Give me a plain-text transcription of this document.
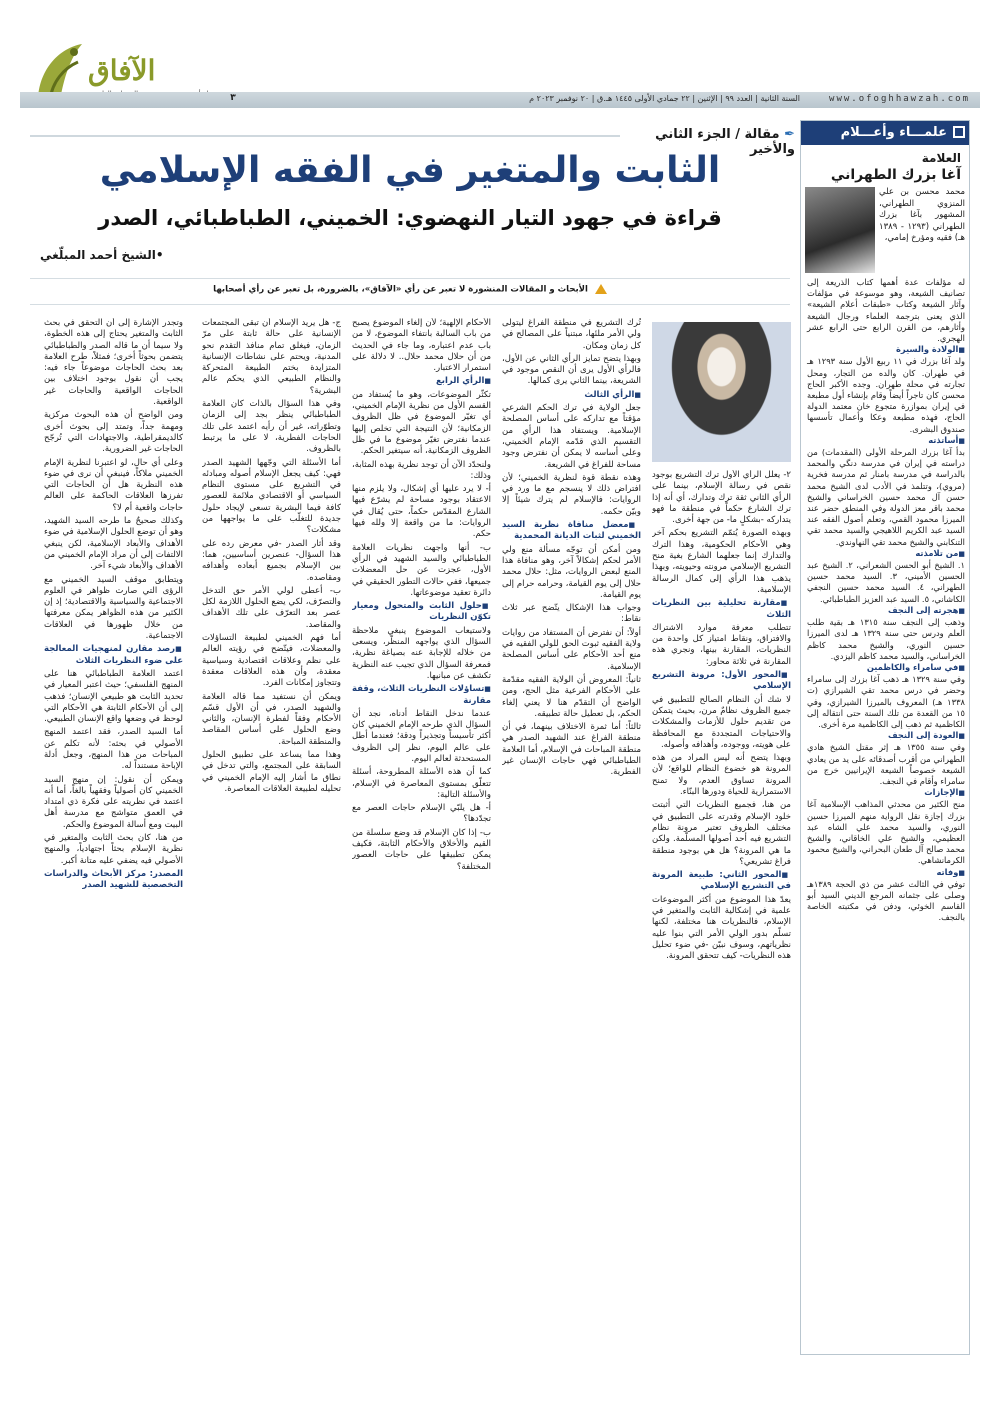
الآفاق
٣	السنة الثانية | العدد ٩٩ | الإثنين | ٢٢ جمادي الأولى ١٤٤٥ هـ.ق | ٢٠ نوفمبر ٢٠٢٣ م	www.ofoghhawzah.com
علمـــاء وأعـــلام
العلامة
آغا بزرك الطهراني
محمد محسن بن علي المنزوي الطهراني، المشهور بآغا بزرك الطهراني (١٢٩٣ - ١٣٨٩ هـ) فقيه ومؤرخ إمامي،

له مؤلفات عدة أهمها كتاب الذريعة إلى تصانيف الشيعة، وهو موسوعة في مؤلفات وآثار الشيعة وكتاب «طبقات أعلام الشيعة» الذي يعنى بترجمة العلماء ورجال الشيعة وأثارهم، من القرن الرابع حتى الرابع عشر الهجري.

■ الولادة والسيرة

ولد آغا بزرك في ١١ ربيع الأول سنة ١٢٩٣ هـ في طهران. كان والده من التجار، ومحل تجارته في محلة طهران. وجده الأكبر الحاج محسن كان تاجراً أيضاً وقام بإنشاء أول مطبعة في إيران بموازرة متجوع خان معتمد الدولة الحاج، فهذه مطبعة وعكا وأعمال تأسسها صندوق البشرى.

■ أساتذته

بدأ آغا بزرك المرحلة الأولى (المقدمات) من دراسته في إيران في مدرسة دنگي والمحمد بالدراسة في مدرسة بامنار ثم مدرسة فخرية (مروي)، وتتلمذ في الأدب لدى الشيخ محمد حسن آل محمد حسين الخراساني والشيخ محمد باقر معز الدولة وفي المنطق حضر عند الميرزا محمود القمي، وتعلم أصول الفقه عند السيد عبد الكريم اللاهيجي والسيد محمد تقي التنكابني والشيخ محمد تقي النهاوندي.

■ من تلامذته

١. الشيخ أبو الحسن الشعراني، ٢. الشيخ عبد الحسين الأميني، ٣. السيد محمد حسين الطهراني، ٤. السيد محمد حسين النجفي الكاشاني، ٥. السيد عبد العزيز الطباطبائي.

■ هجرته إلى النجف

وذهب إلى النجف سنة ١٣١٥ هـ بقية طلب العلم ودرس حتى سنة ١٣٢٩ هـ لدى الميرزا حسين النوري، والشيخ محمد كاظم الخراساني، والسيد محمد كاظم اليزدي.

■ في سامراء والكاظمين

وفي سنة ١٣٢٩ هـ ذهب آغا بزرك إلى سامراء وحضر في درس محمد تقي الشيرازي (ت ١٣٣٨ هـ) المعروف بالميرزا الشيرازي، وفي ١٥ من القعدة من تلك السنة حتى انتقاله إلى الكاظمية ثم ذهب إلى الكاظمية مرة أخرى.

■ العودة إلى النجف

وفي سنة ١٣٥٥ هـ إثر مقتل الشيخ هادي الطهراني من أقرب أصدقائه على يد من يعادي الشيعة خصوصاً الشيعة الإيرانيين خرج من سامراء وأقام في النجف.

■ الإجازات

منح الكثير من محدثي المذاهب الإسلامية آغا بزرك إجازة نقل الرواية منهم الميرزا حسين النوري، والسيد محمد علي الشاه عبد العظيمي، والشيخ علي الخاقاني، والشيخ محمد صالح آل طعان البحراني، والشيخ محمود الكرمانشاهي.

■ وفاته

توفي في الثالث عشر من ذي الحجة ١٣٨٩هـ وصلى على جثمانه المرجع الديني السيد أبو القاسم الخوئي، ودفن في مكتبته الخاصة بالنجف.

✒ مقالة / الجزء الثاني والأخير
الثابت والمتغير في الفقه الإسلامي
قراءة في جهود التيار النهضوي: الخميني، الطباطبائي، الصدر
•الشيخ أحمد المبلّغي
الأبحاث و المقالات المنشورة لا تعبر عن رأي «الآفاق»، بالضرورة، بل تعبر عن رأي أصحابها

٢- يعلّل الرأي الأول ترك التشريع بوجود نقص في رسالة الإسلام، بينما على الرأي الثاني ثقة ترك وتدارك، أي أنه إذا ترك الشارع حكماً في منطقة ما فهو يتداركه -بشكلٍ ما- من جهة أخرى.

وبهذه الصورة يُتمّم التشريع بحكم آخر وهي الأحكام الحكومية، وهذا الترك والتدارك إنما جعلهما الشارع بغية منح التشريع الإسلامي مرونته وحيويته، وبهذا يذهب هذا الرأي إلى كمال الرسالة الإسلامية.

■ مقارنة تحليلية بين النظريات الثلاث

تتطلب معرفة موارد الاشتراك والافتراق، ونقاط امتياز كل واحدة من النظريات، المقارنة بينها، ونجري هذه المقارنة في ثلاثة محاور:

■ المحور الأول: مرونة التشريع الإسلامي

لا شك أن النظام الصالح للتطبيق في جميع الظروف نظامٌ مرن، بحيث يتمكن من تقديم حلول للأزمات والمشكلات والاحتياجات المتجددة مع المحافظة على هويته، ووجوده، وأهدافه وأصوله.

وبهذا يتضح أنه ليس المراد من هذه المرونة هو خضوع النظام للواقع؛ لأن المرونة تساوق العدم، ولا تمنح الاستمرارية للحياة ودورها البنّاء.

من هنا، فجميع النظريات التي أثبتت خلود الإسلام وقدرته على التطبيق في مختلف الظروف تعتبر مرونة نظام التشريع فيه أحد أصولها المسلّمة. ولكن ما هي المرونة؟ هل هي بوجود منطقة فراغ تشريعي؟

■ المحور الثاني: طبيعة المرونة في التشريع الإسلامي

يعدّ هذا الموضوع من أكثر الموضوعات علمية في إشكالية الثابت والمتغير في الإسلام، فالنظريات هنا مختلفة، لكنها تسلّم بدور الولي الأمر التي بنوا عليه نظرياتهم، وسوف نبيّن -في ضوء تحليل هذه النظريات- كيف تتحقق المرونة.

تُرك التشريع في منطقة الفراغ ليتولى ولي الأمر ملئها، مبتنياً على المصالح في كل زمان ومكان.

وبهذا يتضح تمايز الرأي الثاني عن الأول، فالرأي الأول يرى أن النقص موجود في الشريعة، بينما الثاني يرى كمالها.

■ الرأي الثالث

جعل الولاية في ترك الحكم الشرعي مؤقتاً مع تداركه على أساس المصلحة الإسلامية. ويستفاد هذا الرأي من التقسيم الذي قدّمه الإمام الخميني، وعلى أساسه لا يمكن أن نفترض وجود مساحة للفراغ في الشريعة.

وهذه نقطة قوة لنظرية الخميني؛ لأن افتراض ذلك لا ينسجم مع ما ورد في الروايات: فالإسلام لم يترك شيئاً إلا وبيّن حكمه.

■ معضل منافاة نظرية السيد الخميني لثبات الديانة المحمدية

ومن أمكن أن توجّه مسألة منع ولي الأمر لحكم إشكالاً آخر، وهو منافاة هذا المنع لبعض الروايات، مثل: حلال محمد حلال إلى يوم القيامة، وحرامه حرام إلى يوم القيامة.

وجواب هذا الإشكال يتّضح عبر ثلاث نقاط:

أولاً: أن نفترض أن المستفاد من روايات ولاية الفقيه ثبوت الحق للولي الفقيه في منع أحد الأحكام على أساس المصلحة الإسلامية.

ثانياً: المعروض أن الولاية الفقيه مقدّمة على الأحكام الفرعية مثل الحج، ومن الواضح أن التقدّم هنا لا يعني إلغاء الحكم، بل تعطيل حالة تطبيقه.

ثالثاً: أما ثمرة الاختلاف بينهما، في أن منطقة الفراغ عند الشهيد الصدر هي منطقة المباحات في الإسلام، أما العلامة الطباطبائي فهي حاجات الإنسان غير الفطرية.

الأحكام الإلهية؛ لأن إلغاء الموضوع يصبح من باب السالبة بانتفاء الموضوع، لا من باب عدم اعتباره، وما جاء في الحديث من أن حلال محمد حلال.. لا دلالة على استمرار الاعتبار.

■ الرأي الرابع

تكثّر الموضوعات، وهو ما يُستفاد من القسم الأول من نظرية الإمام الخميني، أي تغيّر الموضوع في ظل الظروف الزمكانية؛ لأن النتيجة التي تخلص إليها عندما نفترض تغيّر موضوع ما في ظل الظروف الزمكانية، أنه سيتغير الحكم.

ولنحدّد الآن أن توجد نظرية بهذه المثابة، وذلك:

أ- لا يرد عليها أي إشكال، ولا يلزم منها الاعتقاد بوجود مساحة لم يشرّع فيها الشارع المقدّس حكماً، حتى يُقال في الروايات: ما من واقعة إلا ولله فيها حكم.

ب- أنها واجهت نظريات العلامة الطباطبائي والسيد الشهيد في الرأي الأول، عجزت عن حل المعضلات جميعها، ففي حالات التطور الحقيقي في دائرة تعقيد موضوعاتها.

■ حلول الثابت والمتحول ومعيار تكوّن النظريات

ولاستيعاب الموضوع ينبغي ملاحظة السؤال الذي يواجهه المنظّر، ويسعى من خلاله للإجابة عنه بصياغة نظرية، فمعرفة السؤال الذي تجيب عنه النظرية تكشف عن مبانيها.

■ تساؤلات النظريات الثلاث، وقفة مقارنة

عندما ندخل النقاط أدناه، نجد أن السؤال الذي طرحه الإمام الخميني كان أكثر تأسيساً وتجذيراً ودقة؛ فعندما أطل على عالم اليوم، نظر إلى الظروف المستحدثة لعالم اليوم.

كما أن هذه الأسئلة المطروحة، أسئلة تتعلّق بمستوى المعاصرة في الإسلام، والأسئلة التالية:

أ- هل يلبّي الإسلام حاجات العصر مع تجدّدها؟

ب- إذا كان الإسلام قد وضع سلسلة من القيم والأخلاق والأحكام الثابتة، فكيف يمكن تطبيقها على حاجات العصور المختلفة؟

ج- هل يريد الإسلام أن تبقى المجتمعات الإنسانية على حالة ثابتة على مرّ الزمان، فيغلق تمام منافذ التقدم نحو المدنية، ويحتم على نشاطات الإنسانية المتزايدة بختم الطبيعة المتحركة والنظام الطبيعي الذي يحكم عالم البشرية؟

وفي هذا السؤال بالذات كان العلامة الطباطبائي ينظر بجد إلى الزمان وتطوّراته، غير أن رأيه اعتمد على تلك الحاجات الفطرية، لا على ما يرتبط بالظروف.

أما الأسئلة التي وجّهها الشهيد الصدر فهي: كيف يجعل الإسلام أصوله ومبادئه في التشريع على مستوى النظام السياسي أو الاقتصادي ملائمة للعصور كافة فيما البشرية تسعى لإيجاد حلول جديدة للتغلّب على ما يواجهها من مشكلات؟

وقد أثار الصدر -في معرض رده على هذا السؤال- عنصرين أساسيين، هما: بين الإسلام بجميع أبعاده وأهدافه ومقاصده.

ب- أعطى لولي الأمر حق التدخل والتصرّف، لكي يضع الحلول اللازمة لكل عصر بعد التعرّف على تلك الأهداف والمقاصد.

أما فهم الخميني لطبيعة التساؤلات والمعضلات، فيتّضح في رؤيته العالم على نظم وعلاقات اقتصادية وسياسية معقدة، وأن هذه العلاقات معقدة وتتجاوز إمكانات الفرد.

ويمكن أن نستفيد مما قاله العلامة والشهيد الصدر، في أن الأول قسّم الأحكام وفقاً لفطرة الإنسان، والثاني وضع الحلول على أساس المقاصد والمنطقة المباحة.

وهذا مما يساعد على تطبيق الحلول السابقة على المجتمع، والتي تدخل في نطاق ما أشار إليه الإمام الخميني في تحليله لطبيعة العلاقات المعاصرة.

وتجدر الإشارة إلى أن التحقق في بحث الثابت والمتغير يحتاج إلى هذه الخطوة، ولا سيما أن ما قاله الصدر والطباطبائي يتضمن بحوثاً أخرى؛ فمثلاً، طرح العلامة بعد بحث الحاجات موضوعاً جاء فيه: يجب أن نقول بوجود اختلاف بين الحاجات الواقعية والحاجات غير الواقعية.

ومن الواضح أن هذه البحوث مركزية ومهمة جداً، وتمتد إلى بحوث أخرى كالديمقراطية، والاجتهادات التي تُرجّح الحاجات غير الضرورية.

وعلى أي حال، لو اعتبرنا لنظرية الإمام الخميني ملاكاً، فينبغي أن نرى في ضوء هذه النظرية هل أن الحاجات التي تفرزها العلاقات الحاكمة على العالم حاجات واقعية أم لا؟

وكذلك صحيحٌ ما طرحه السيد الشهيد، وهو أن توضع الحلول الإسلامية في ضوء الأهداف والأبعاد الإسلامية، لكن ينبغي الالتفات إلى أن مراد الإمام الخميني من الأهداف والأبعاد شيء آخر.

ويتطابق موقف السيد الخميني مع الرؤى التي صارت ظواهر في العلوم الاجتماعية والسياسية والاقتصادية؛ إذ إن الكثير من هذه الظواهر يمكن معرفتها من خلال ظهورها في العلاقات الاجتماعية.

■ رصد مقارن لمنهجيات المعالجة على ضوء النظريات الثلاث

اعتمد العلامة الطباطبائي هنا على المنهج الفلسفي؛ حيث اعتبر المعيار في تحديد الثابت هو طبيعي الإنسان؛ فذهب إلى أن الأحكام الثابتة هي الأحكام التي لوحظ في وضعها واقع الإنسان الطبيعي.

أما السيد الصدر، فقد اعتمد المنهج الأصولي في بحثه: لأنه تكلم عن المباحات من هذا المنهج، وجعل أدلة الإباحة مستنداً له.

ويمكن أن نقول: إن منهج السيد الخميني كان أصولياً وفقهياً بالغاً، أما أنه اعتمد في نظريته على فكرة ذي امتداد في العمق متواشج مع مدرسة أهل البيت ومع أسالة الموضوع والحكم.

من هنا، كان بحث الثابت والمتغير في نظرية الإسلام بحثاً اجتهادياً، والمنهج الأصولي فيه يضفي عليه متانة أكبر.

المصدر: مركز الأبحاث والدراسات التخصصية للشهيد الصدر
